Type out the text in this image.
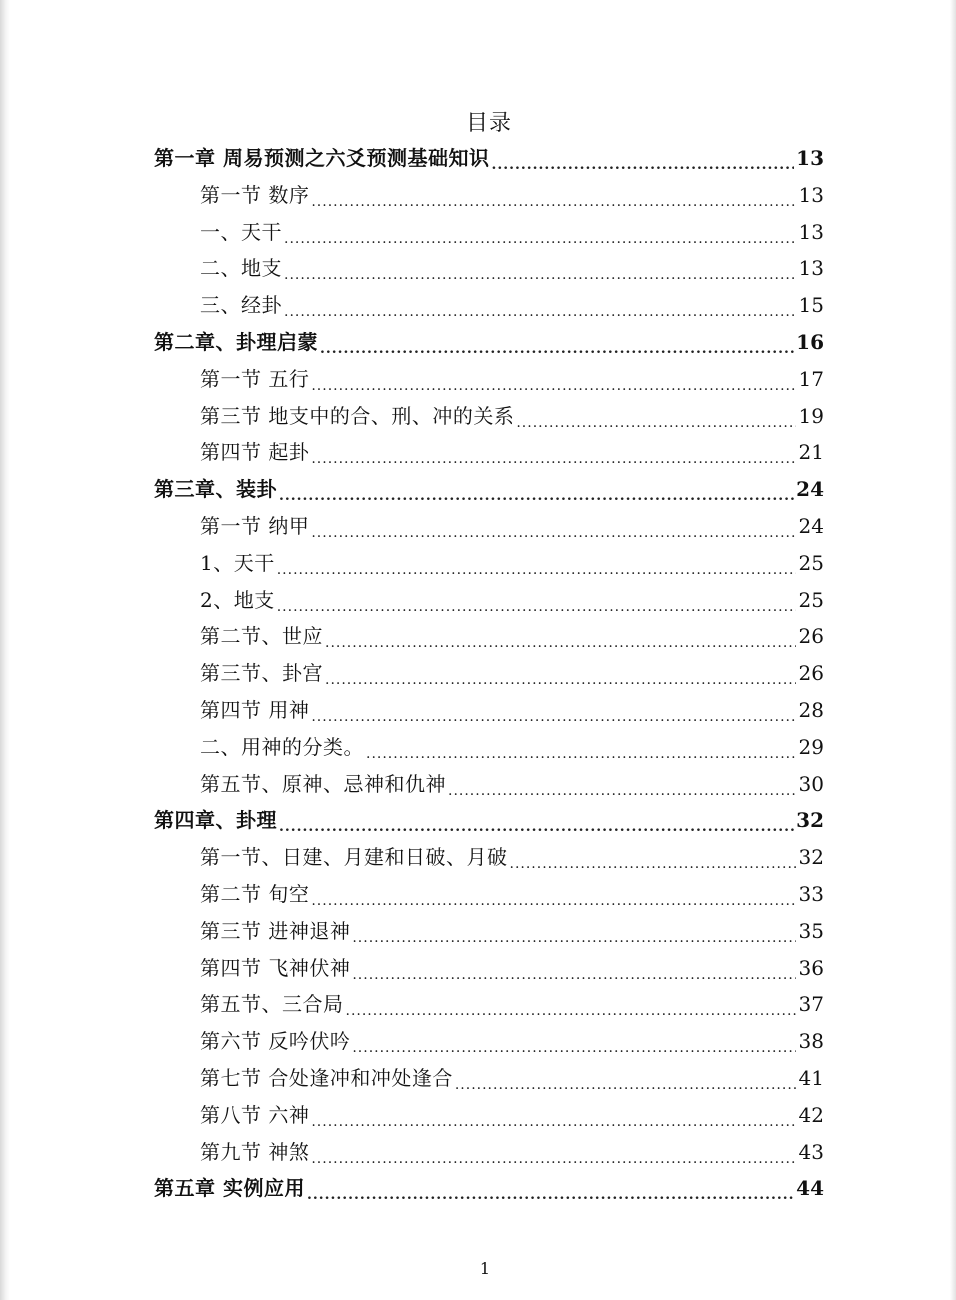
目录
第一章 周易预测之六爻预测基础知识 .....	13
第一节 数序 .....	13
一、天干 .....	13
二、地支 .....	13
三、经卦 .....	15
第二章、卦理启蒙 .....	16
第一节 五行 .....	17
第三节 地支中的合、刑、冲的关系 .....	19
第四节 起卦 .....	21
第三章、装卦 .....	24
第一节 纳甲 .....	24
1、天干 .....	25
2、地支 .....	25
第二节、世应 .....	26
第三节、卦宫 .....	26
第四节 用神 .....	28
二、用神的分类。 .....	29
第五节、原神、忌神和仇神 .....	30
第四章、卦理 .....	32
第一节、日建、月建和日破、月破 .....	32
第二节 旬空 .....	33
第三节 进神退神 .....	35
第四节 飞神伏神 .....	36
第五节、三合局 .....	37
第六节 反吟伏吟 .....	38
第七节 合处逢冲和冲处逢合 .....	41
第八节 六神 .....	42
第九节 神煞 .....	43
第五章 实例应用 .....	44
1
